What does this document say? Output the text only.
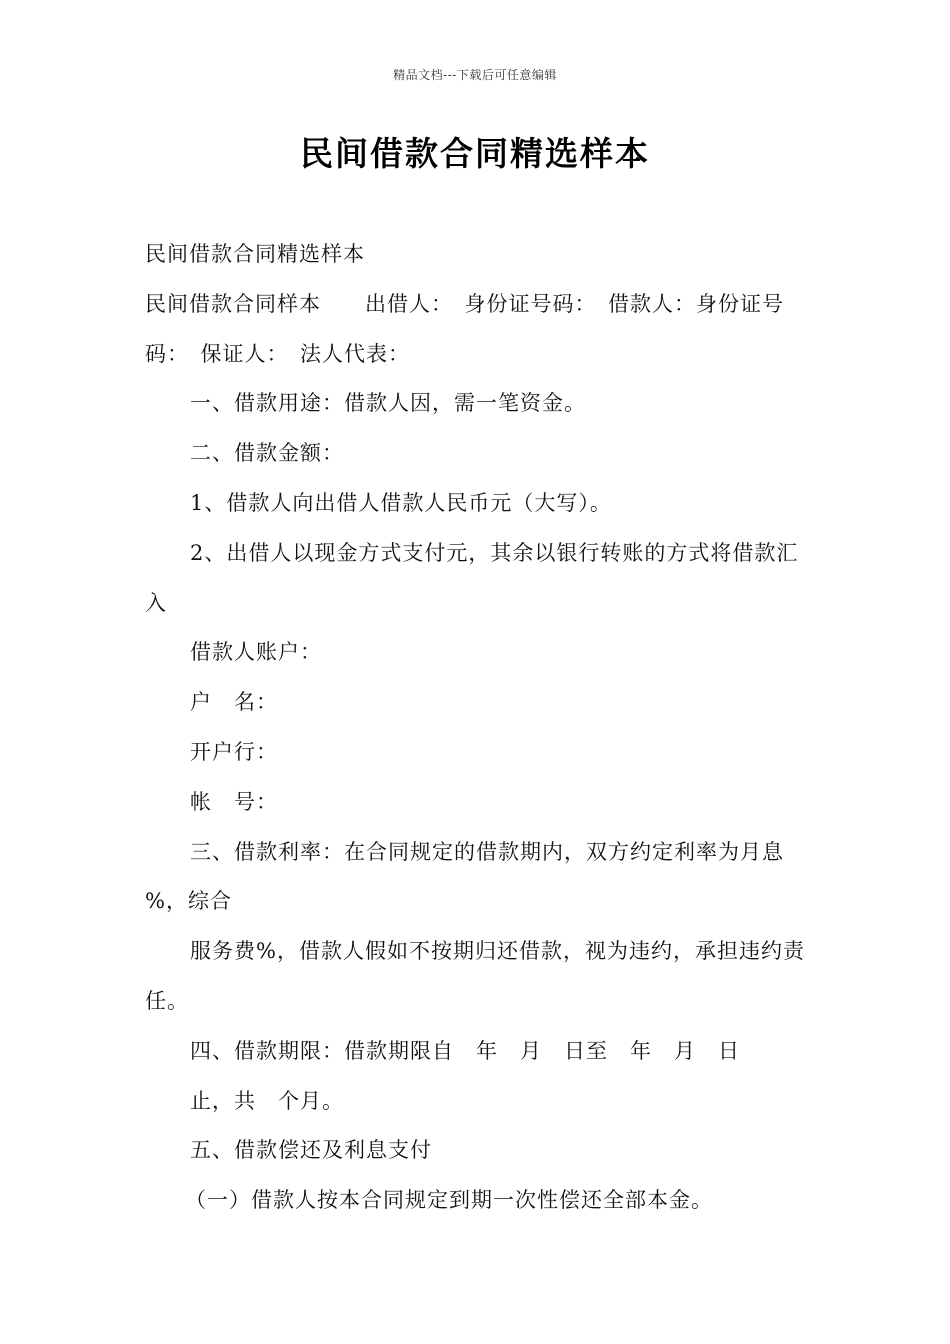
精品文档---下载后可任意编辑
民间借款合同精选样本
民间借款合同精选样本
民间借款合同样本　　出借人：　身份证号码：　借款人：身份证号
码：　保证人：　法人代表：
一、借款用途：借款人因，需一笔资金。
二、借款金额：
1、借款人向出借人借款人民币元（大写）。
2、出借人以现金方式支付元，其余以银行转账的方式将借款汇
入
借款人账户：
户　名：
开户行：
帐　号：
三、借款利率：在合同规定的借款期内，双方约定利率为月息
%，综合
服务费%，借款人假如不按期归还借款，视为违约，承担违约责
任。
四、借款期限：借款期限自　年　月　日至　年　月　日
止，共　个月。
五、借款偿还及利息支付
（一）借款人按本合同规定到期一次性偿还全部本金。
